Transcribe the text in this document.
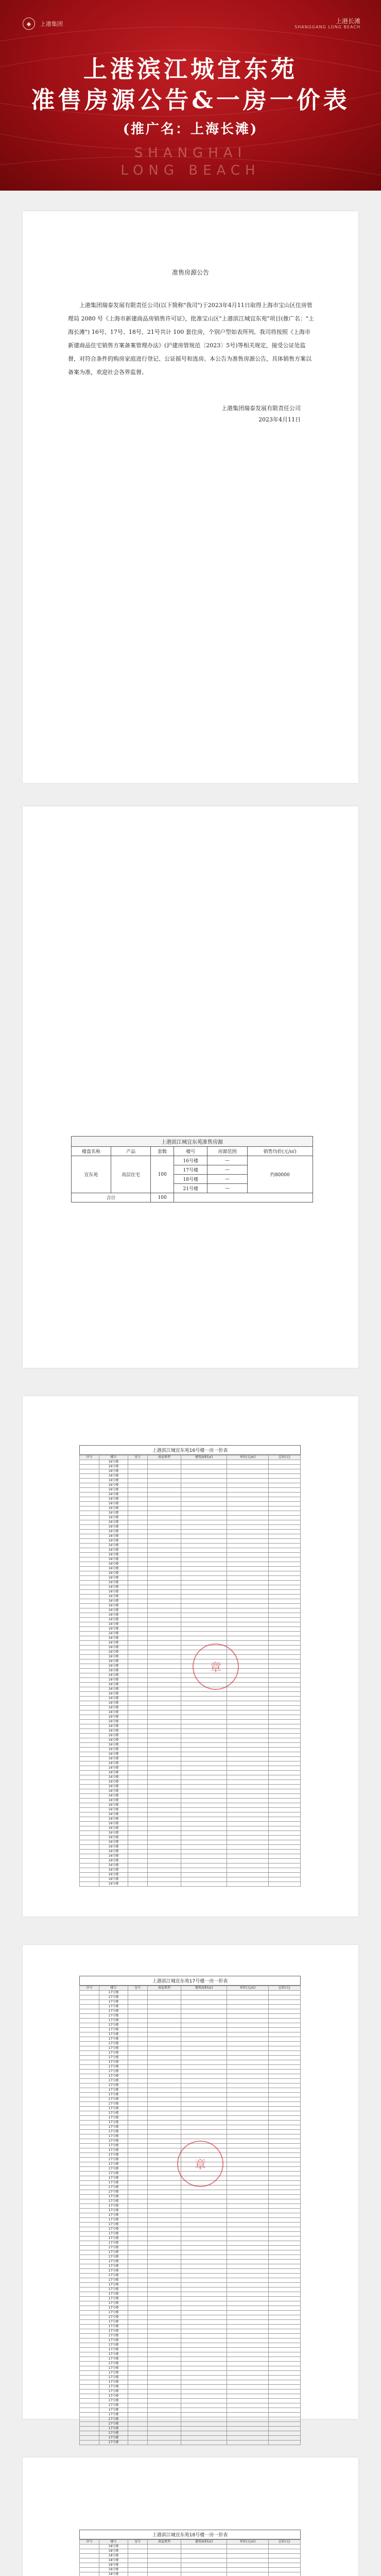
◆	上港集团	上港长滩
SHANGGANG LONG BEACH
上港滨江城宜东苑
准售房源公告&一房一价表
(推广名：上海长滩)
SHANGHAI
LONG BEACH
准售房源公告
上港集团瑞泰发展有限责任公司(以下简称"我司")于2023年4月11日取得上海市宝山区住房管理局 2080 号《上海市新建商品房销售许可证》，批准宝山区"上港滨江城宜东苑"项目(推广名："上海长滩") 16号、17号、18号、21号共计 100 套住房，个别户型如表所列。我司将按照《上海市新建商品住宅销售方案备案管理办法》(沪建房管规范〔2023〕5号)等相关规定，接受公证处监督，对符合条件的购房家庭进行登记、公证摇号和选房。本公告为准售房源公告，具体销售方案以备案为准，欢迎社会各界监督。
上港集团瑞泰发展有限责任公司
2023年4月11日
上港滨江城宜东苑准售房源
楼盘名称	产品	套数	楼号	房源范围	销售均价(元/㎡)
宜东苑	高层住宅	100	16号楼	—	约80000
			17号楼	—	
			18号楼	—	
			21号楼	—	
合计		100			
上港滨江城宜东苑16号楼一房一价表
序号	楼号	室号	房屋类型	建筑面积(㎡)	单价(元/㎡)	总价(元)
	16号楼					
	16号楼					
	16号楼					
	16号楼					
	16号楼					
	16号楼					
	16号楼					
	16号楼					
	16号楼					
	16号楼					
	16号楼					
	16号楼					
	16号楼					
	16号楼					
	16号楼					
	16号楼					
	16号楼					
	16号楼					
	16号楼					
	16号楼					
	16号楼					
	16号楼					
	16号楼					
	16号楼					
	16号楼					
	16号楼					
	16号楼					
	16号楼					
	16号楼					
	16号楼					
	16号楼					
	16号楼					
	16号楼					
	16号楼					
	16号楼					
	16号楼					
	16号楼					
	16号楼					
	16号楼					
	16号楼					
	16号楼					
	16号楼					
	16号楼					
	16号楼					
	16号楼					
	16号楼					
	16号楼					
	16号楼					
	16号楼					
	16号楼					
	16号楼					
	16号楼					
	16号楼					
	16号楼					
	16号楼					
	16号楼					
	16号楼					
	16号楼					
	16号楼					
	16号楼					
	16号楼					
	16号楼					
	16号楼					
	16号楼					
	16号楼					
	16号楼					
	16号楼					
	16号楼					
	16号楼					
	16号楼					
	16号楼					
	16号楼					
	16号楼					
	16号楼					
	16号楼					
	16号楼					
	16号楼					
	16号楼					
	16号楼					
	16号楼					
	16号楼					
	16号楼					
	16号楼					
	16号楼					
	16号楼					
	16号楼					
	16号楼					
	16号楼					
	16号楼					
	16号楼					
	16号楼					
	16号楼					
章
上港滨江城宜东苑17号楼一房一价表
序号	楼号	室号	房屋类型	建筑面积(㎡)	单价(元/㎡)	总价(元)
	17号楼					
	17号楼					
	17号楼					
	17号楼					
	17号楼					
	17号楼					
	17号楼					
	17号楼					
	17号楼					
	17号楼					
	17号楼					
	17号楼					
	17号楼					
	17号楼					
	17号楼					
	17号楼					
	17号楼					
	17号楼					
	17号楼					
	17号楼					
	17号楼					
	17号楼					
	17号楼					
	17号楼					
	17号楼					
	17号楼					
	17号楼					
	17号楼					
	17号楼					
	17号楼					
	17号楼					
	17号楼					
	17号楼					
	17号楼					
	17号楼					
	17号楼					
	17号楼					
	17号楼					
	17号楼					
	17号楼					
	17号楼					
	17号楼					
	17号楼					
	17号楼					
	17号楼					
	17号楼					
	17号楼					
	17号楼					
	17号楼					
	17号楼					
	17号楼					
	17号楼					
	17号楼					
	17号楼					
	17号楼					
	17号楼					
	17号楼					
	17号楼					
	17号楼					
	17号楼					
	17号楼					
	17号楼					
	17号楼					
	17号楼					
	17号楼					
	17号楼					
	17号楼					
	17号楼					
	17号楼					
	17号楼					
	17号楼					
	17号楼					
	17号楼					
	17号楼					
	17号楼					
	17号楼					
	17号楼					
	17号楼					
	17号楼					
	17号楼					
	17号楼					
	17号楼					
	17号楼					
	17号楼					
	17号楼					
	17号楼					
	17号楼					
	17号楼					
	17号楼					
	17号楼					
	17号楼					
	17号楼					
	17号楼					
	17号楼					
	17号楼					
	17号楼					
	17号楼					
	17号楼					
章
上港滨江城宜东苑18号楼一房一价表
序号	楼号	室号	房屋类型	建筑面积(㎡)	单价(元/㎡)	总价(元)
	18号楼					
	18号楼					
	18号楼					
	18号楼					
	18号楼					
	18号楼					
	18号楼					
